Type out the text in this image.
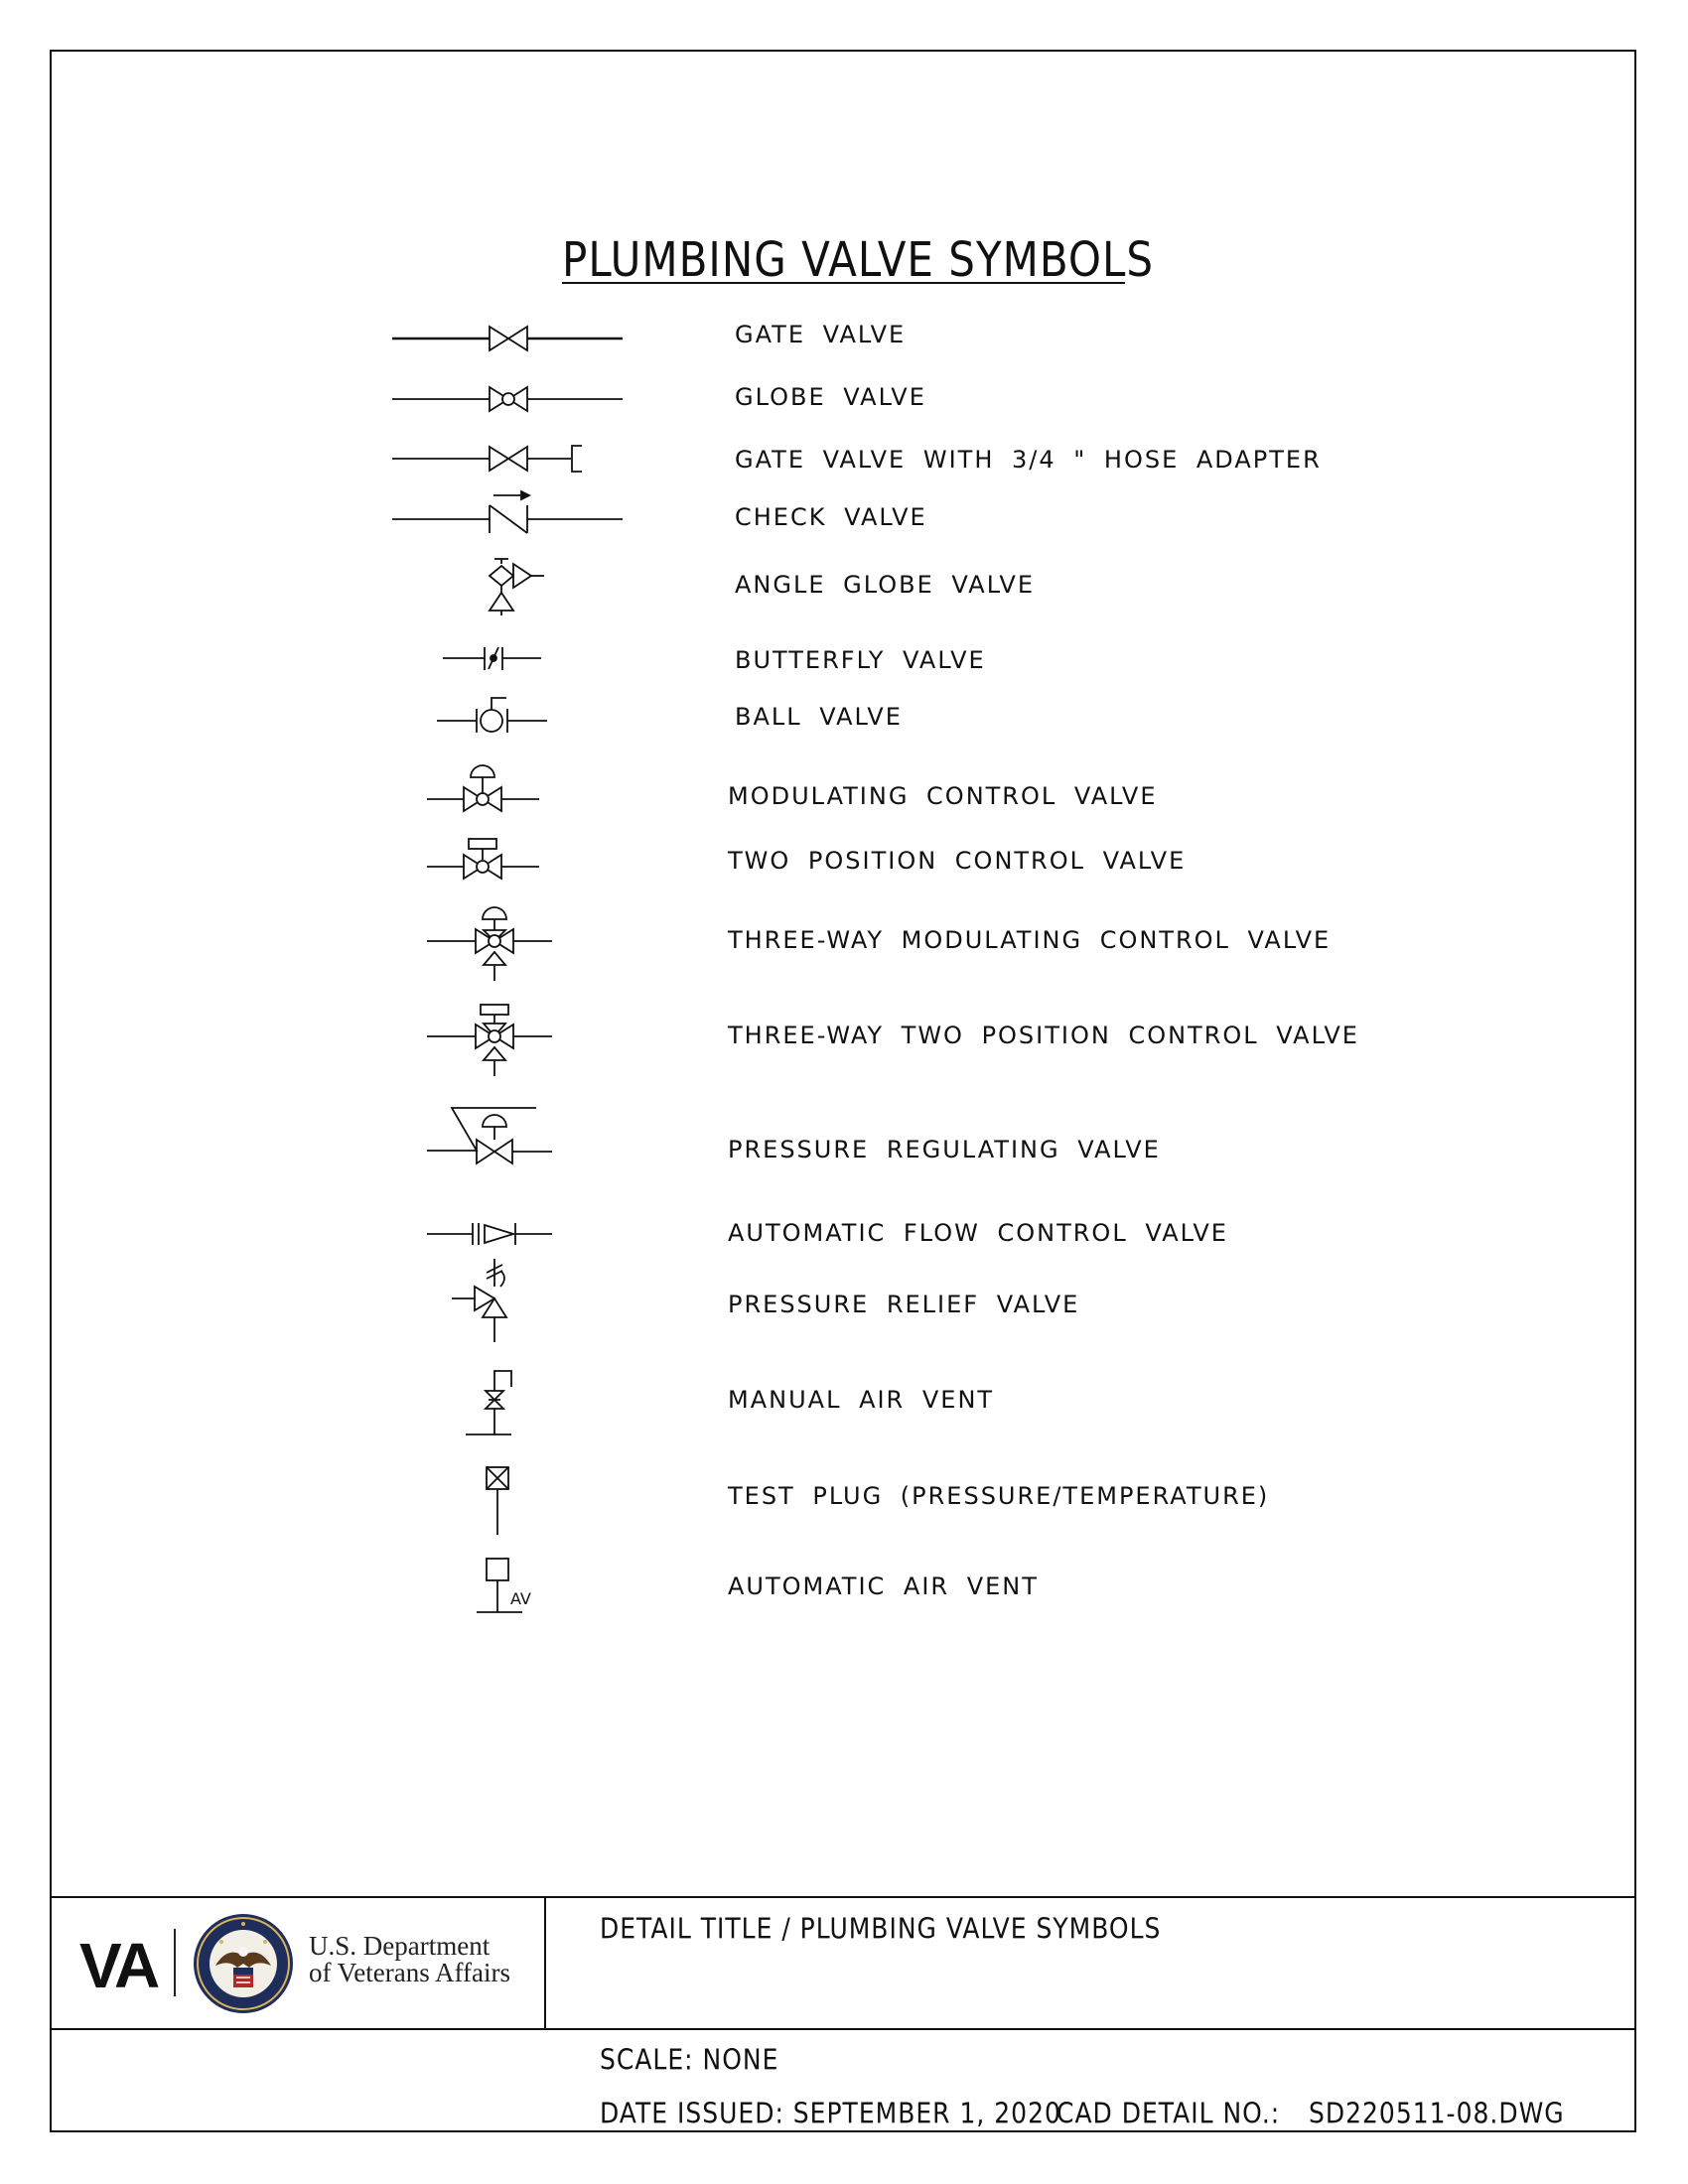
PLUMBING VALVE SYMBOLS
GATE VALVE
GLOBE VALVE
GATE VALVE WITH 3/4 " HOSE ADAPTER
CHECK VALVE
ANGLE GLOBE VALVE
BUTTERFLY VALVE
BALL VALVE
MODULATING CONTROL VALVE
TWO POSITION CONTROL VALVE
THREE-WAY MODULATING CONTROL VALVE
THREE-WAY TWO POSITION CONTROL VALVE
PRESSURE REGULATING VALVE
AUTOMATIC FLOW CONTROL VALVE
PRESSURE RELIEF VALVE
MANUAL AIR VENT
TEST PLUG (PRESSURE/TEMPERATURE)
AUTOMATIC AIR VENT
AV
VA	U.S. Department
of Veterans Affairs
DETAIL TITLE / PLUMBING VALVE SYMBOLS
SCALE: NONE
DATE ISSUED: SEPTEMBER 1, 2020
CAD DETAIL NO.: SD220511-08.DWG
